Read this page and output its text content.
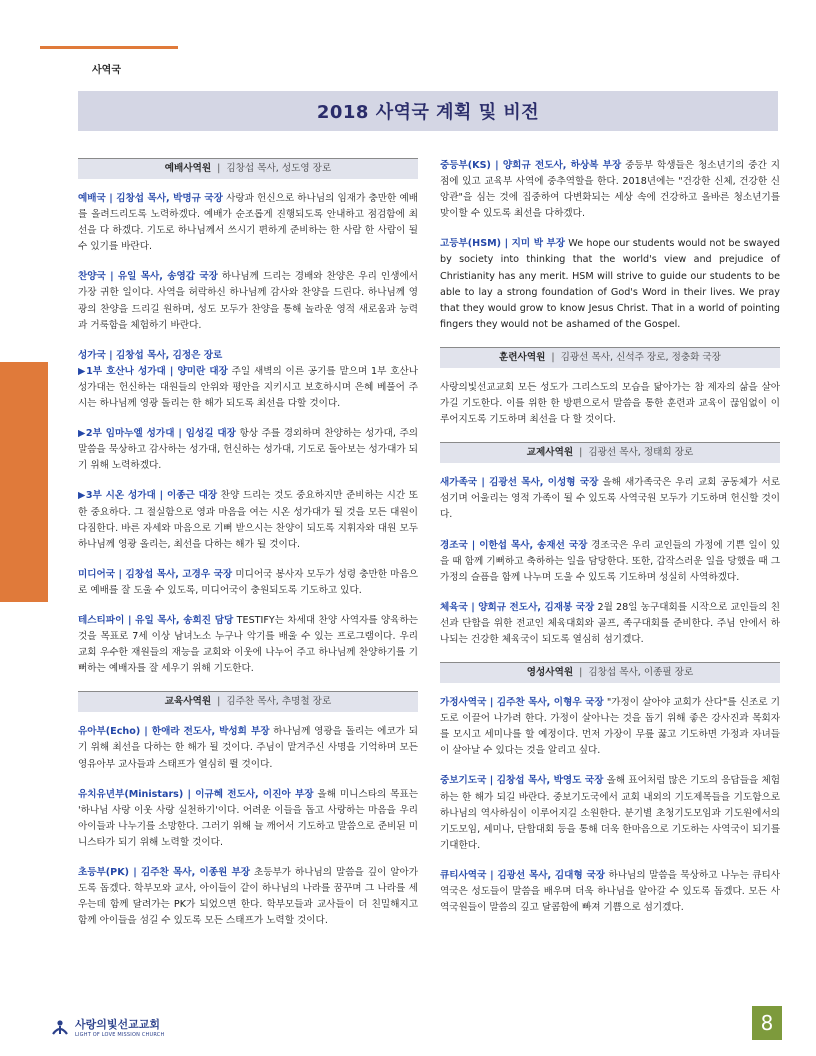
사역국
JAN. 2018 LOLMC TIMES | www.lolmc.org
2018 사역국 계획 및 비전
예배사역원 | 김창섭 목사, 성도영 장로

예배국 | 김창섭 목사, 박명규 국장 사랑과 헌신으로 하나님의 임재가 충만한 예배를 올려드리도록 노력하겠다. 예배가 순조롭게 진행되도록 안내하고 점검함에 최선을 다 하겠다. 기도로 하나님께서 쓰시기 편하게 준비하는 한 사람 한 사람이 될 수 있기를 바란다.

찬양국 | 유일 목사, 송영갑 국장 하나님께 드리는 경배와 찬양은 우리 인생에서 가장 귀한 일이다. 사역을 허락하신 하나님께 감사와 찬양을 드린다. 하나님께 영광의 찬양을 드리길 원하며, 성도 모두가 찬양을 통해 놀라운 영적 새로움과 능력과 거룩함을 체험하기 바란다.

성가국 | 김창섭 목사, 김정은 장로

▶1부 호산나 성가대 | 양미란 대장 주일 새벽의 이른 공기를 맡으며 1부 호산나 성가대는 헌신하는 대원들의 안위와 평안을 지키시고 보호하시며 은혜 베풀어 주시는 하나님께 영광 돌리는 한 해가 되도록 최선을 다할 것이다.

▶2부 임마누엘 성가대 | 임성길 대장 항상 주를 경외하며 찬양하는 성가대, 주의 말씀을 묵상하고 감사하는 성가대, 헌신하는 성가대, 기도로 돌아보는 성가대가 되기 위해 노력하겠다.

▶3부 시온 성가대 | 이종근 대장 찬양 드리는 것도 중요하지만 준비하는 시간 또한 중요하다. 그 절실함으로 영과 마음을 여는 시온 성가대가 될 것을 모든 대원이 다짐한다. 바른 자세와 마음으로 기뻐 받으시는 찬양이 되도록 지휘자와 대원 모두 하나님께 영광 올리는, 최선을 다하는 해가 될 것이다.

미디어국 | 김창섭 목사, 고경우 국장 미디어국 봉사자 모두가 성령 충만한 마음으로 예배를 잘 도울 수 있도록, 미디어국이 충원되도록 기도하고 있다.

테스티파이 | 유일 목사, 송희진 담당 TESTIFY는 차세대 찬양 사역자를 양육하는 것을 목표로 7세 이상 남녀노소 누구나 악기를 배울 수 있는 프로그램이다. 우리 교회 우수한 재원들의 재능을 교회와 이웃에 나누어 주고 하나님께 찬양하기를 기뻐하는 예배자를 잘 세우기 위해 기도한다.

교육사역원 | 김주찬 목사, 추명철 장로

유아부(Echo) | 한애라 전도사, 박성희 부장 하나님께 영광을 돌리는 에코가 되기 위해 최선을 다하는 한 해가 될 것이다. 주님이 맡겨주신 사명을 기억하며 모든 영유아부 교사들과 스태프가 열심히 뛸 것이다.

유치유년부(Ministars) | 이규혜 전도사, 이진아 부장 올해 미니스타의 목표는 '하나님 사랑 이웃 사랑 실천하기'이다. 어려운 이들을 돕고 사랑하는 마음을 우리 아이들과 나누기를 소망한다. 그러기 위해 늘 깨어서 기도하고 말씀으로 준비된 미니스타가 되기 위해 노력할 것이다.

초등부(PK) | 김주찬 목사, 이종원 부장 초등부가 하나님의 말씀을 깊이 알아가도록 돕겠다. 학부모와 교사, 아이들이 같이 하나님의 나라를 꿈꾸며 그 나라를 세우는데 함께 달려가는 PK가 되었으면 한다. 학부모들과 교사들이 더 친밀해지고 함께 아이들을 섬길 수 있도록 모든 스태프가 노력할 것이다.

중등부(KS) | 양희규 전도사, 하상복 부장 중등부 학생들은 청소년기의 중간 지점에 있고 교육부 사역에 중추역할을 한다. 2018년에는 "건강한 신체, 건강한 신앙관"을 심는 것에 집중하여 다변화되는 세상 속에 건강하고 올바른 청소년기를 맞이할 수 있도록 최선을 다하겠다.

고등부(HSM) | 지미 박 부장 We hope our students would not be swayed by society into thinking that the world's view and prejudice of Christianity has any merit. HSM will strive to guide our students to be able to lay a strong foundation of God's Word in their lives. We pray that they would grow to know Jesus Christ. That in a world of pointing fingers they would not be ashamed of the Gospel.

훈련사역원 | 김광선 목사, 신석주 장로, 정충화 국장

사랑의빛선교교회 모든 성도가 그리스도의 모습을 닮아가는 참 제자의 삶을 살아가길 기도한다. 이를 위한 한 방편으로서 말씀을 통한 훈련과 교육이 끊임없이 이루어지도록 기도하며 최선을 다 할 것이다.

교제사역원 | 김광선 목사, 정태희 장로

새가족국 | 김광선 목사, 이성형 국장 올해 새가족국은 우리 교회 공동체가 서로 섬기며 어울리는 영적 가족이 될 수 있도록 사역국원 모두가 기도하며 헌신할 것이다.

경조국 | 이한섭 목사, 송재선 국장 경조국은 우리 교인들의 가정에 기쁜 일이 있을 때 함께 기뻐하고 축하하는 일을 담당한다. 또한, 갑작스러운 일을 당했을 때 그 가정의 슬픔을 함께 나누며 도울 수 있도록 기도하며 성실히 사역하겠다.

체육국 | 양희규 전도사, 김재봉 국장 2월 28일 농구대회를 시작으로 교인들의 친선과 단합을 위한 전교인 체육대회와 골프, 족구대회를 준비한다. 주님 안에서 하나되는 건강한 체육국이 되도록 열심히 섬기겠다.

영성사역원 | 김창섭 목사, 이종필 장로

가정사역국 | 김주찬 목사, 이형우 국장 "가정이 살아야 교회가 산다"를 신조로 기도로 이끌어 나가려 한다. 가정이 살아나는 것을 돕기 위해 좋은 강사진과 목회자를 모시고 세미나를 할 예정이다. 먼저 가장이 무릎 꿇고 기도하면 가정과 자녀들이 살아날 수 있다는 것을 알리고 싶다.

중보기도국 | 김창섭 목사, 박영도 국장 올해 표어처럼 많은 기도의 응답들을 체험하는 한 해가 되길 바란다. 중보기도국에서 교회 내외의 기도제목들을 기도함으로 하나님의 역사하심이 이루어지길 소원한다. 분기별 초청기도모임과 기도원에서의 기도모임, 세미나, 단합대회 등을 통해 더욱 한마음으로 기도하는 사역국이 되기를 기대한다.

큐티사역국 | 김광선 목사, 김대형 국장 하나님의 말씀을 묵상하고 나누는 큐티사역국은 성도들이 말씀을 배우며 더욱 하나님을 알아갈 수 있도록 돕겠다. 모든 사역국원들이 말씀의 깊고 달콤함에 빠져 기쁨으로 섬기겠다.

사랑의빛선교교회
LIGHT OF LOVE MISSION CHURCH	8
